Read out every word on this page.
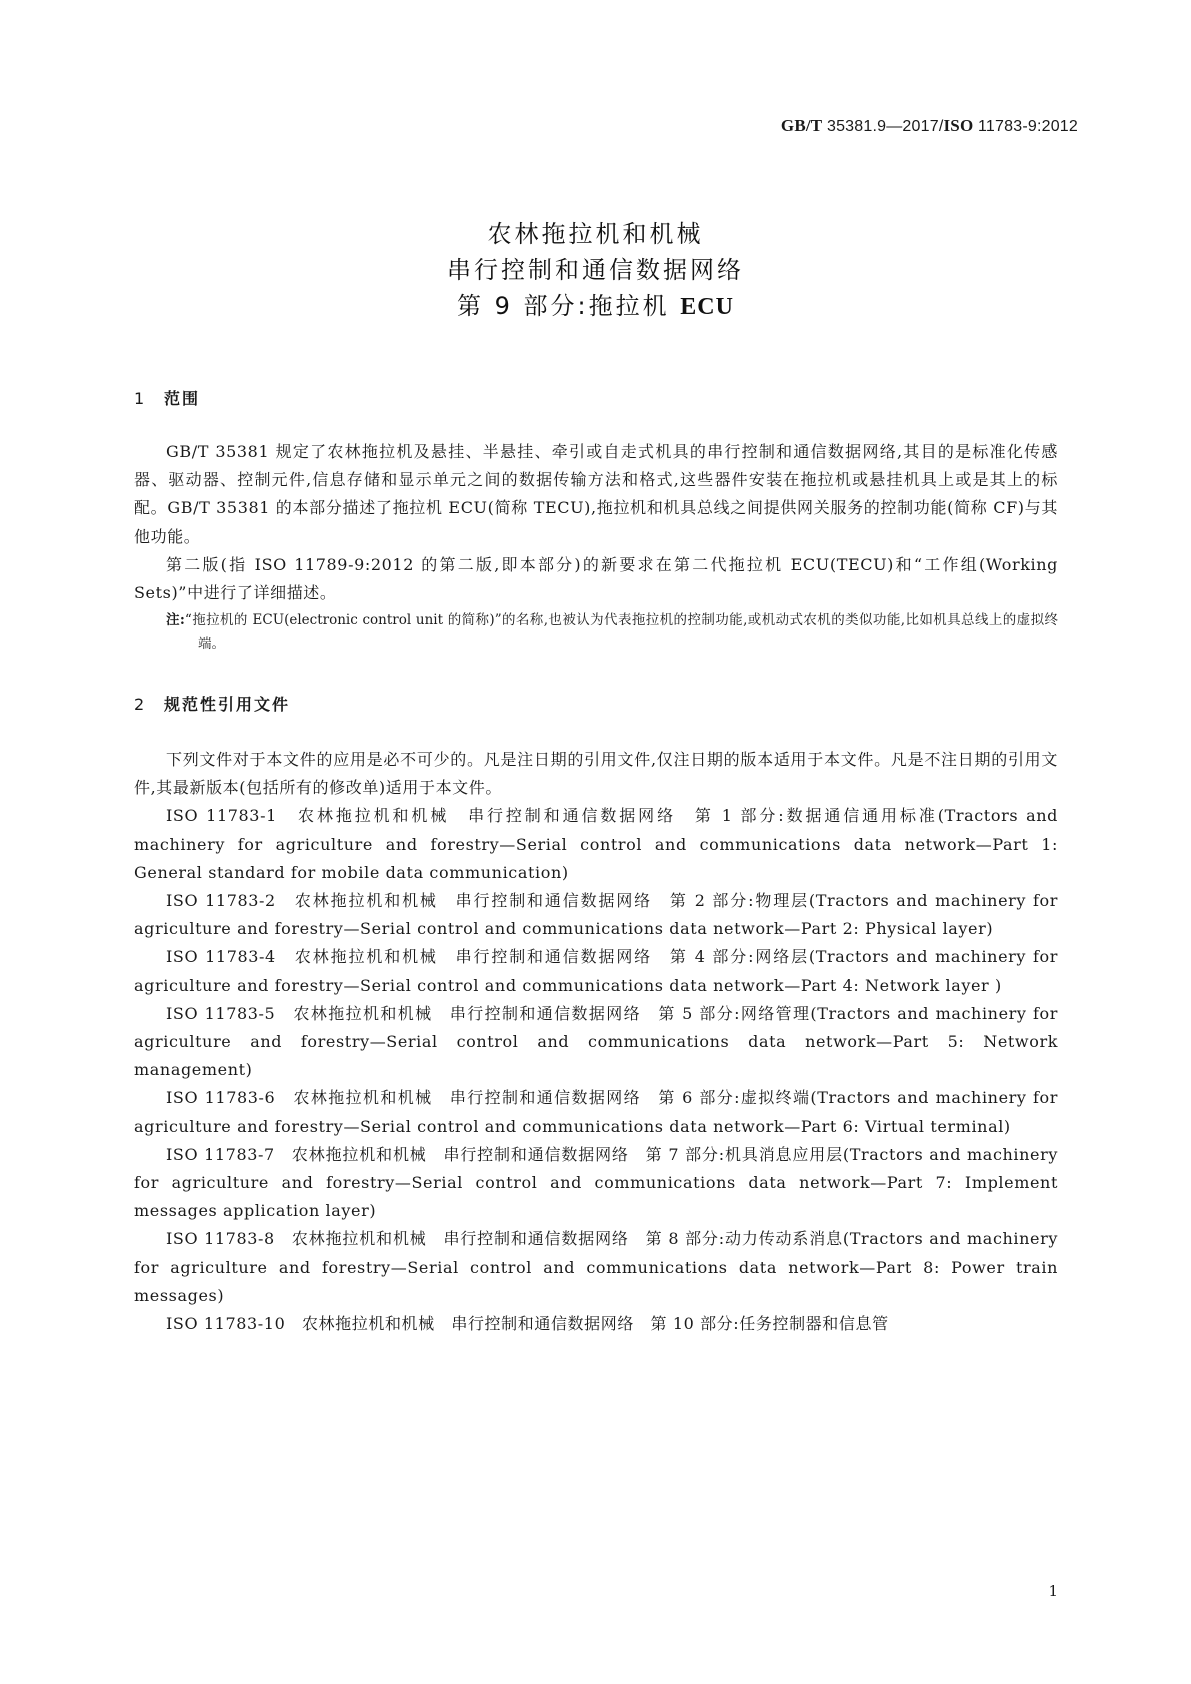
GB/T 35381.9—2017/ISO 11783-9:2012
农林拖拉机和机械
串行控制和通信数据网络
第 9 部分:拖拉机 ECU
1 范围

GB/T 35381 规定了农林拖拉机及悬挂、半悬挂、牵引或自走式机具的串行控制和通信数据网络,其目的是标准化传感器、驱动器、控制元件,信息存储和显示单元之间的数据传输方法和格式,这些器件安装在拖拉机或悬挂机具上或是其上的标配。GB/T 35381 的本部分描述了拖拉机 ECU(简称 TECU),拖拉机和机具总线之间提供网关服务的控制功能(简称 CF)与其他功能。

第二版(指 ISO 11789-9:2012 的第二版,即本部分)的新要求在第二代拖拉机 ECU(TECU)和“工作组(Working Sets)”中进行了详细描述。

注:“拖拉机的 ECU(electronic control unit 的简称)”的名称,也被认为代表拖拉机的控制功能,或机动式农机的类似功能,比如机具总线上的虚拟终端。

2 规范性引用文件

下列文件对于本文件的应用是必不可少的。凡是注日期的引用文件,仅注日期的版本适用于本文件。凡是不注日期的引用文件,其最新版本(包括所有的修改单)适用于本文件。

ISO 11783-1　农林拖拉机和机械　串行控制和通信数据网络　第 1 部分:数据通信通用标准(Tractors and machinery for agriculture and forestry—Serial control and communications data network—Part 1: General standard for mobile data communication)

ISO 11783-2　农林拖拉机和机械　串行控制和通信数据网络　第 2 部分:物理层(Tractors and machinery for agriculture and forestry—Serial control and communications data network—Part 2: Physical layer)

ISO 11783-4　农林拖拉机和机械　串行控制和通信数据网络　第 4 部分:网络层(Tractors and machinery for agriculture and forestry—Serial control and communications data network—Part 4: Network layer )

ISO 11783-5　农林拖拉机和机械　串行控制和通信数据网络　第 5 部分:网络管理(Tractors and machinery for agriculture and forestry—Serial control and communications data network—Part 5: Network management)

ISO 11783-6　农林拖拉机和机械　串行控制和通信数据网络　第 6 部分:虚拟终端(Tractors and machinery for agriculture and forestry—Serial control and communications data network—Part 6: Virtual terminal)

ISO 11783-7　农林拖拉机和机械　串行控制和通信数据网络　第 7 部分:机具消息应用层(Tractors and machinery for agriculture and forestry—Serial control and communications data network—Part 7: Implement messages application layer)

ISO 11783-8　农林拖拉机和机械　串行控制和通信数据网络　第 8 部分:动力传动系消息(Tractors and machinery for agriculture and forestry—Serial control and communications data network—Part 8: Power train messages)

ISO 11783-10　农林拖拉机和机械　串行控制和通信数据网络　第 10 部分:任务控制器和信息管

1
